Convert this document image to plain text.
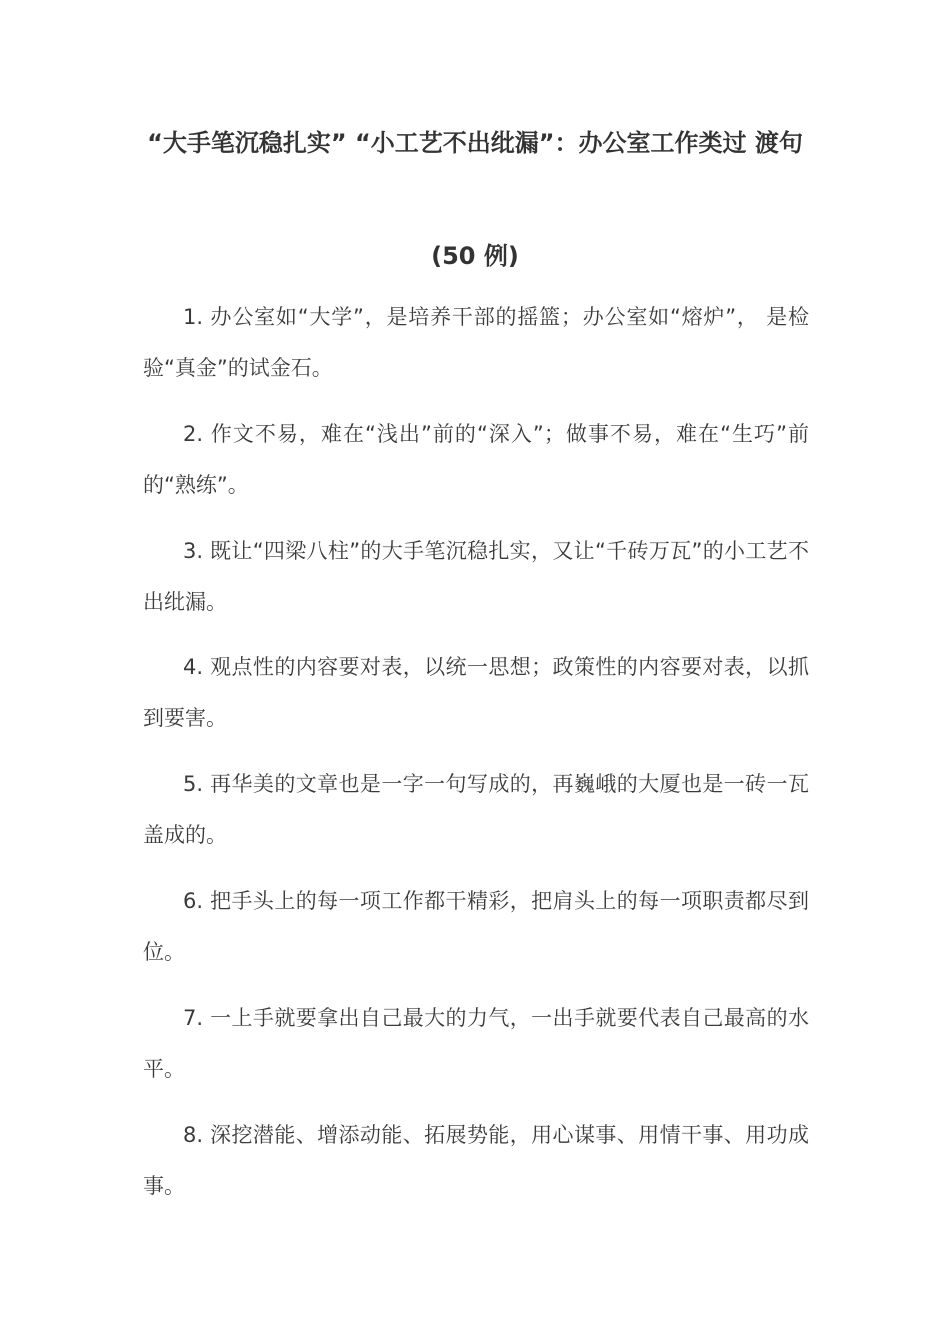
“大手笔沉稳扎实” “小工艺不出纰漏”：办公室工作类过 渡句
(50 例)

1. 办公室如“大学”，是培养干部的摇篮；办公室如“熔炉”， 是检验“真金”的试金石。

2. 作文不易，难在“浅出”前的“深入”；做事不易，难在“生巧”前的“熟练”。

3. 既让“四梁八柱”的大手笔沉稳扎实，又让“千砖万瓦”的小工艺不出纰漏。

4. 观点性的内容要对表，以统一思想；政策性的内容要对表，以抓到要害。

5. 再华美的文章也是一字一句写成的，再巍峨的大厦也是一砖一瓦盖成的。

6. 把手头上的每一项工作都干精彩，把肩头上的每一项职责都尽到位。

7. 一上手就要拿出自己最大的力气，一出手就要代表自己最高的水平。

8. 深挖潜能、增添动能、拓展势能，用心谋事、用情干事、用功成事。
